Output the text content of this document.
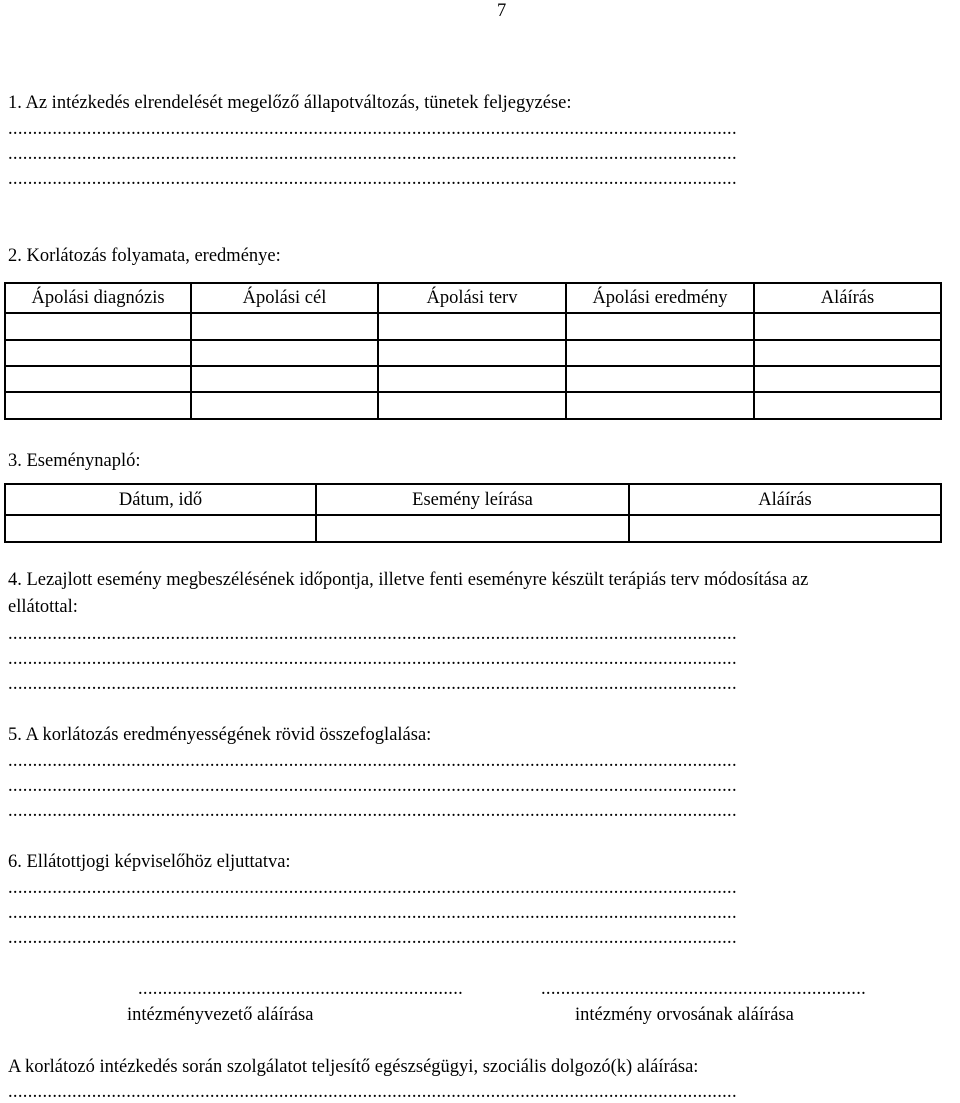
7
1. Az intézkedés elrendelését megelőző állapotváltozás, tünetek feljegyzése:
....................................................................................................................................................
....................................................................................................................................................
....................................................................................................................................................
2. Korlátozás folyamata, eredménye:
Ápolási diagnózis	Ápolási cél	Ápolási terv	Ápolási eredmény	Aláírás

3. Eseménynapló:
Dátum, idő	Esemény leírása	Aláírás

4. Lezajlott esemény megbeszélésének időpontja, illetve fenti eseményre készült terápiás terv módosítása az
ellátottal:
....................................................................................................................................................
....................................................................................................................................................
....................................................................................................................................................
5. A korlátozás eredményességének rövid összefoglalása:
....................................................................................................................................................
....................................................................................................................................................
....................................................................................................................................................
6. Ellátottjogi képviselőhöz eljuttatva:
....................................................................................................................................................
....................................................................................................................................................
....................................................................................................................................................
..................................................................	..................................................................
intézményvezető aláírása	intézmény orvosának aláírása
A korlátozó intézkedés során szolgálatot teljesítő egészségügyi, szociális dolgozó(k) aláírása:
....................................................................................................................................................
